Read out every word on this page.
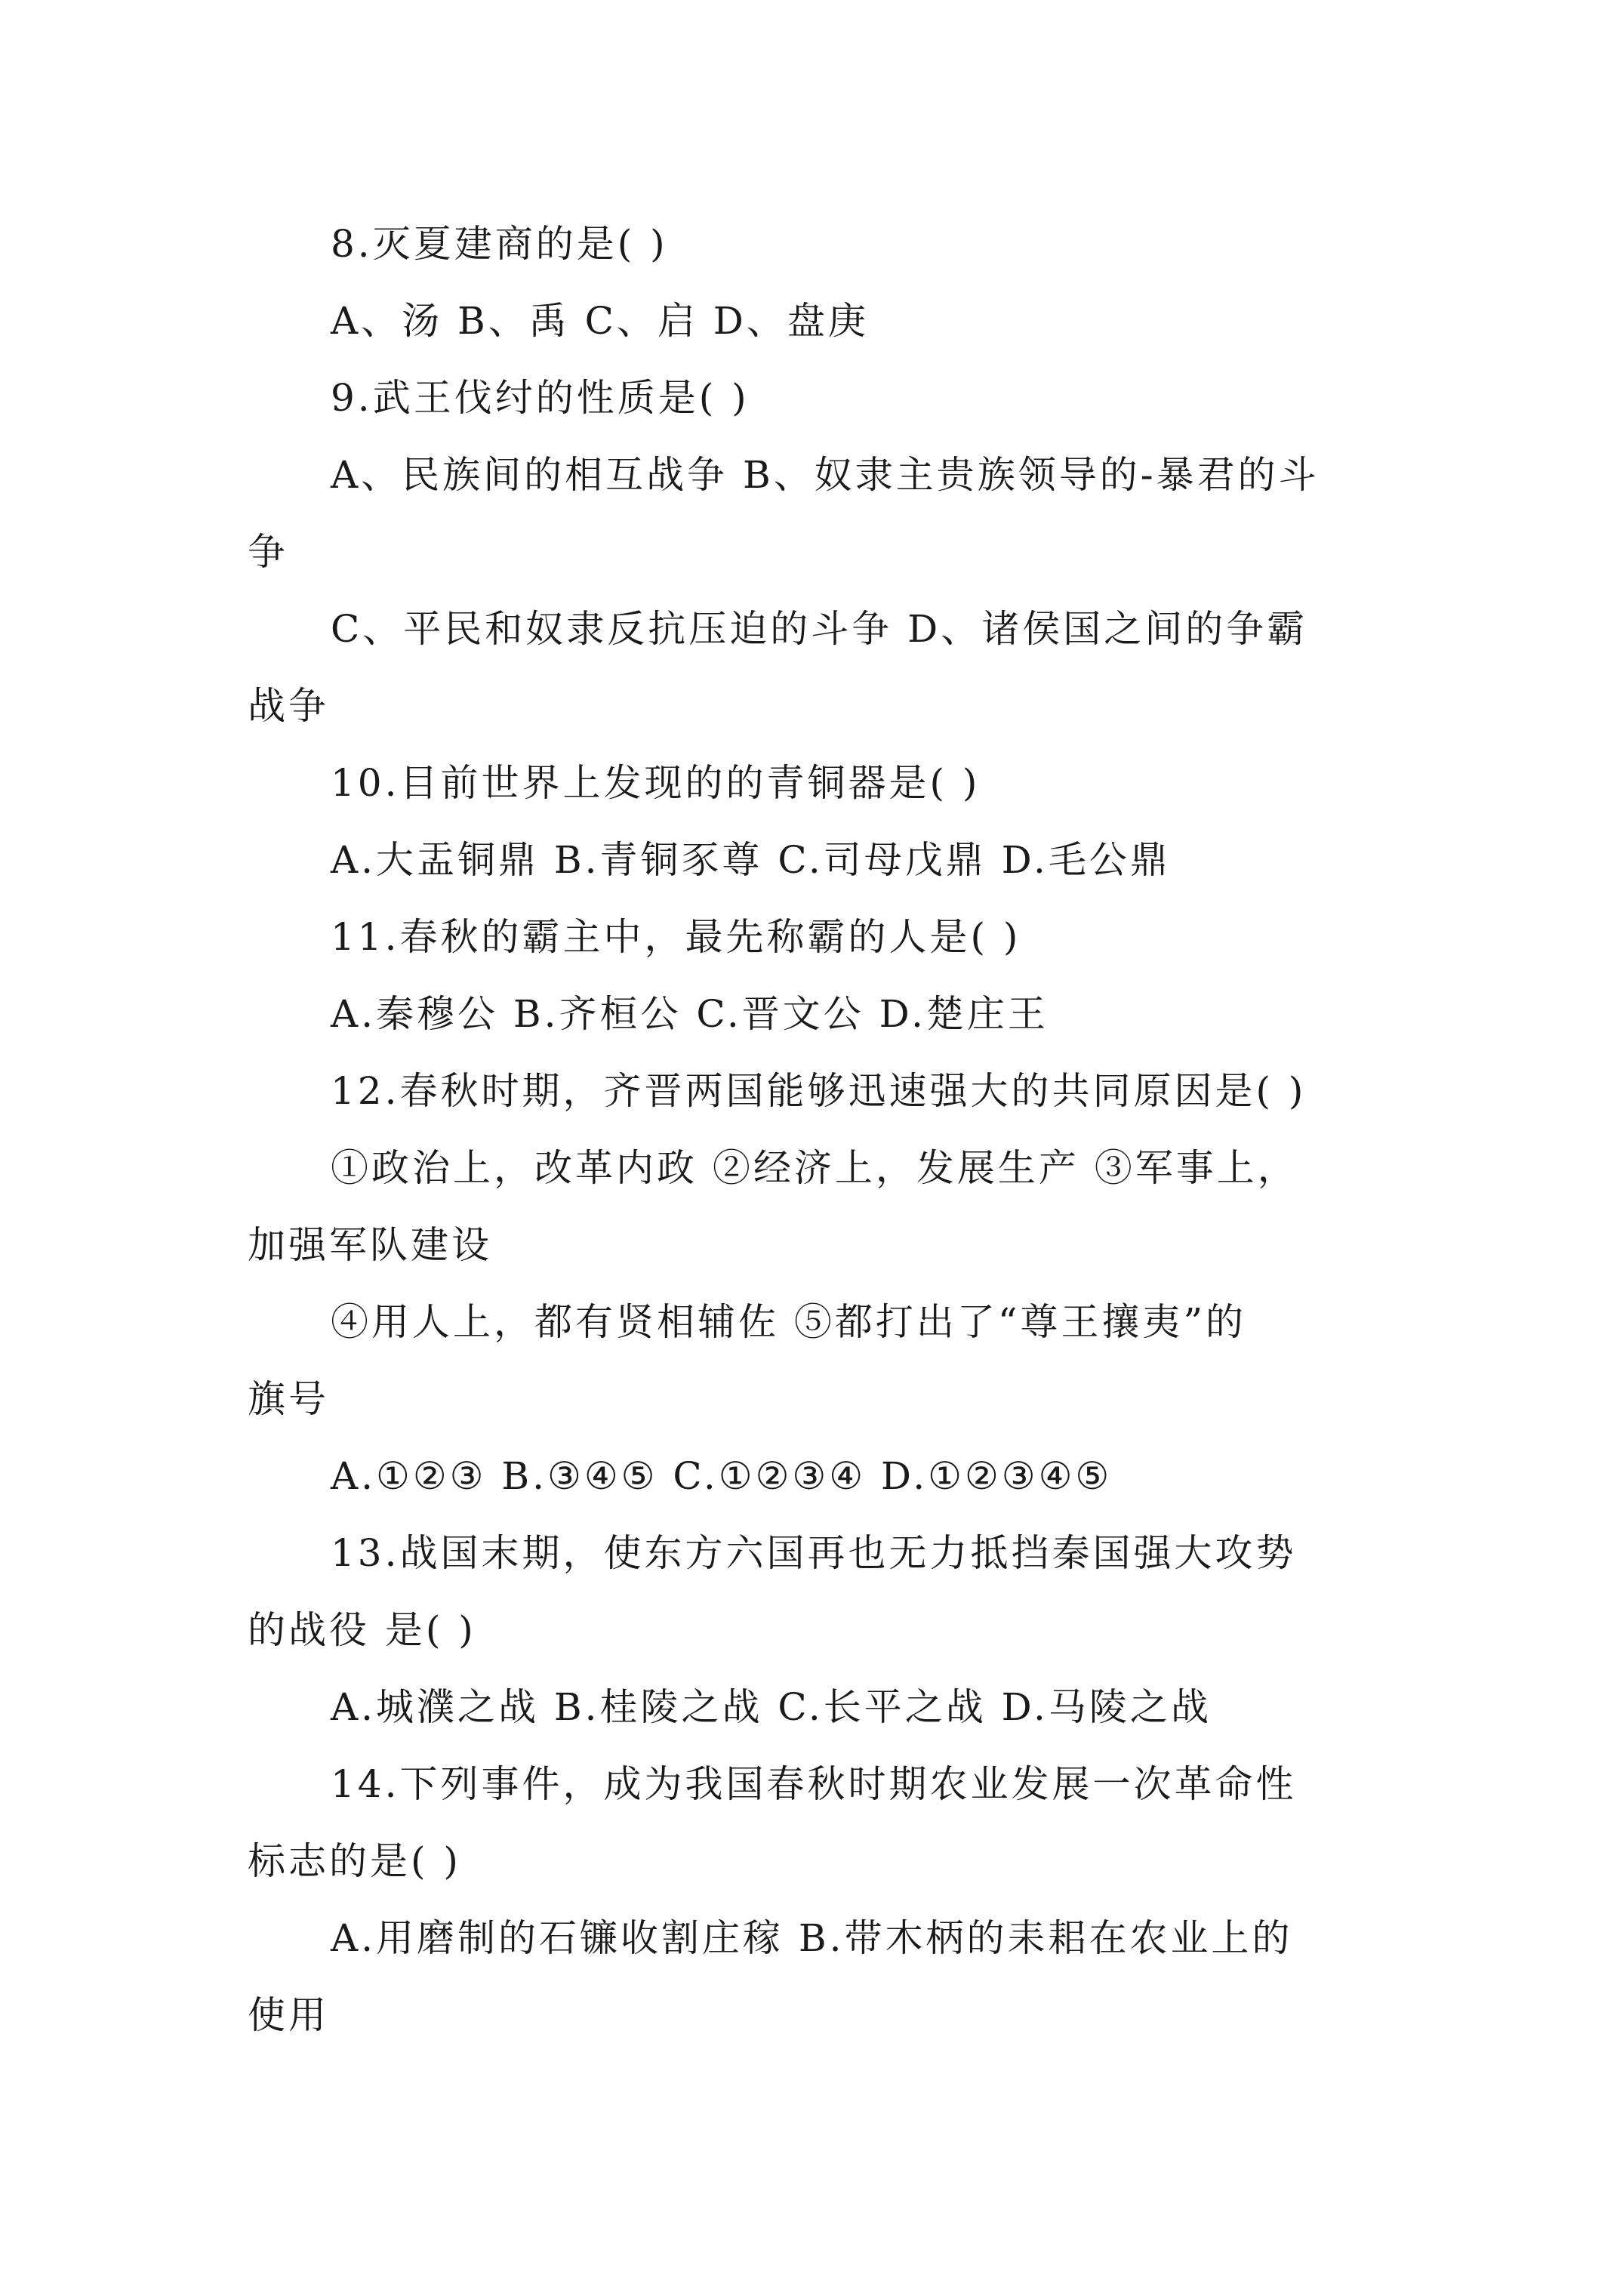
8.灭夏建商的是( )

A、汤 B、禹 C、启 D、盘庚

9.武王伐纣的性质是( )

A、民族间的相互战争 B、奴隶主贵族领导的-暴君的斗

争

C、平民和奴隶反抗压迫的斗争 D、诸侯国之间的争霸

战争

10.目前世界上发现的的青铜器是( )

A.大盂铜鼎 B.青铜豕尊 C.司母戊鼎 D.毛公鼎

11.春秋的霸主中，最先称霸的人是( )

A.秦穆公 B.齐桓公 C.晋文公 D.楚庄王

12.春秋时期，齐晋两国能够迅速强大的共同原因是( )

①政治上，改革内政 ②经济上，发展生产 ③军事上，

加强军队建设

④用人上，都有贤相辅佐 ⑤都打出了“尊王攘夷”的

旗号

A.①②③ B.③④⑤ C.①②③④ D.①②③④⑤

13.战国末期，使东方六国再也无力抵挡秦国强大攻势

的战役 是( )

A.城濮之战 B.桂陵之战 C.长平之战 D.马陵之战

14.下列事件，成为我国春秋时期农业发展一次革命性

标志的是( )

A.用磨制的石镰收割庄稼 B.带木柄的耒耜在农业上的

使用
